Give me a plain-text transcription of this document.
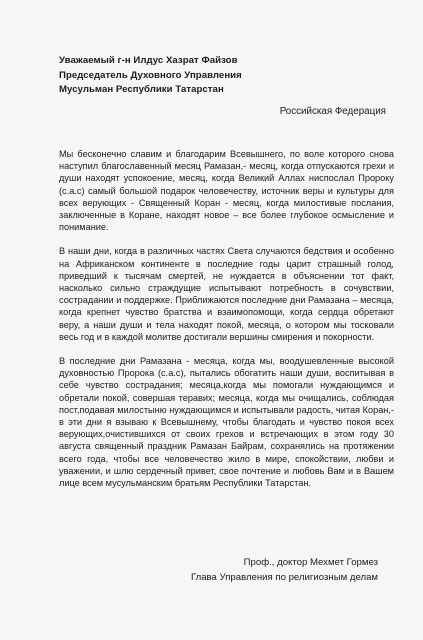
Уважаемый г-н Илдус Хазрат Файзов
Председатель Духовного Управления
Мусульман Республики Татарстан
Российская Федерация

Мы бесконечно славим и благодарим Всевышнего, по воле которого снова наступил благославенный месяц Рамазан,- месяц, когда отпускаются грехи и души находят успокоение, месяц, когда Великий Аллах ниспослал Пророку (с.а.с) самый большой подарок человечеству, источник веры и культуры для всех верующих - Священный Коран - месяц, когда милостивые послания, заключенные в Коране, находят новое – все более глубокое осмысление и понимание.

В наши дни, когда в различных частях Света случаются бедствия и особенно на Африканском континенте в последние годы царит страшный голод, приведший к тысячам смертей, не нуждается в объяснении тот факт, насколько сильно страждущие испытывают потребность в сочувствии, сострадании и поддержке. Приближаются последние дни Рамазана – месяца, когда крепнет чувство братства и взаимопомощи, когда сердца обретают веру, а наши души и тела находят покой, месяца, о котором мы тосковали весь год и в каждой молитве достигали вершины смирения и покорности.

В последние дни Рамазана - месяца, когда мы, воодушевленные высокой духовностью Пророка (с.а.с), пытались обогатить наши души, воспитывая в себе чувство сострадания; месяца,когда мы помогали нуждающимся и обретали покой, совершая теравих; месяца, когда мы очищались, соблюдая пост,подавая милостыню нуждающимся и испытывали радость, читая Коран,- в эти дни я взываю к Всевышнему, чтобы благодать и чувство покоя всех верующих,очистившихся от своих грехов и встречающих в этом году 30 августа священный праздник Рамазан Байрам, сохранялись на протяжении всего года, чтобы все человечество жило в мире, спокойствии, любви и уважении, и шлю сердечный привет, свое почтение и любовь Вам и в Вашем лице всем мусульманским братьям Республики Татарстан.

Проф., доктор Мехмет Гормез
Глава Управления по религиозным делам
